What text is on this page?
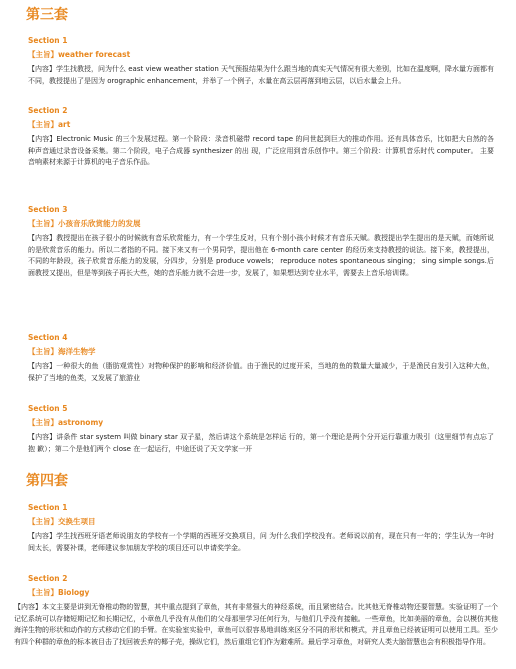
第三套
Section 1
【主旨】weather forecast
【内容】学生找教授，问为什么 east view weather station 天气预报结果为什么跟当地的真实天气情况有很大差别，比如在温度啊，降水量方面都有不同，教授提出了是因为 orographic enhancement，并举了一个例子，水量在高云层再落到地云层，以后水量会上升。
Section 2
【主旨】art
【内容】Electronic Music 的三个发展过程。第一个阶段：录音机磁带 record tape 的问世起到巨大的推动作用。还有具体音乐，比如把大自然的各 种声音通过录音设备采集。第二个阶段，电子合成器 synthesizer 的出 现，广泛应用到音乐创作中。第三个阶段：计算机音乐时代 computer。 主要音响素材来源于计算机的电子音乐作品。
Section 3
【主旨】小孩音乐欣赏能力的发展
【内容】教授提出在孩子很小的时候就有音乐欣赏能力，有一个学生反对，只有个别小孩小时候才有音乐天赋。教授提出学生提出的是天赋，而她所说的是欣赏音乐的能力。所以二者指的不同。接下来又有一个男同学，提出他在 6-month care center 的经历来支持教授的说法。接下来，教授提出，不同的年龄段，孩子欣赏音乐能力的发展，分四步，分别是 produce vowels； reproduce notes spontaneous singing； sing simple songs.后面教授又提出，但是等到孩子再长大些，她的音乐能力就不会进一步，发展了，如果想达到专业水平，需要去上音乐培训课。
Section 4
【主旨】海洋生物学
【内容】一种很大的鱼（脂肪观赏性）对物种保护的影响和经济价值。由于渔民的过度开采，当地的鱼的数量大量减少，于是渔民自发引入这种大鱼，保护了当地的鱼类，又发展了旅游业
Section 5
【主旨】astronomy
【内容】讲条件 star system 叫做 binary star 双子星，然后讲这个系统是怎样运 行的，第一个理论是两个分开运行靠重力吸引（这里细节有点忘了抱 歉）；第二个是他们两个 close 在一起运行，中途还说了天文学家一开
第四套
Section 1
【主旨】交换生项目
【内容】学生找西班牙语老师说朋友的学校有一个学期的西班牙交换项目，问 为什么我们学校没有。老师说以前有，现在只有一年的；学生认为一年时间太长，需要补课，老师建议参加朋友学校的项目还可以申请奖学金。
Section 2
【主旨】Biology
【内容】本文主要是讲到无脊椎动物的智慧，其中重点提到了章鱼，其有非常强大的神经系统，而且紧密结合。比其他无脊椎动物还要智慧。实验证明了一个记忆系统可以存储短期记忆和长期记忆，小章鱼几乎没有从他们的父母那里学习任何行为，与他们几乎没有接触。一些章鱼，比如美丽的章鱼，会以模仿其他海洋生物的形状和动作的方式移动它们的手臂。在实验室实验中，章鱼可以很容易地训练来区分不同的形状和模式，并且章鱼已经被证明可以使用工具。至少有四个种群的章鱼的标本被目击了找回被丢弃的椰子壳，操纵它们，然后重组它们作为避难所。最后学习章鱼，对研究人类大脑智慧也会有积极指导作用。
